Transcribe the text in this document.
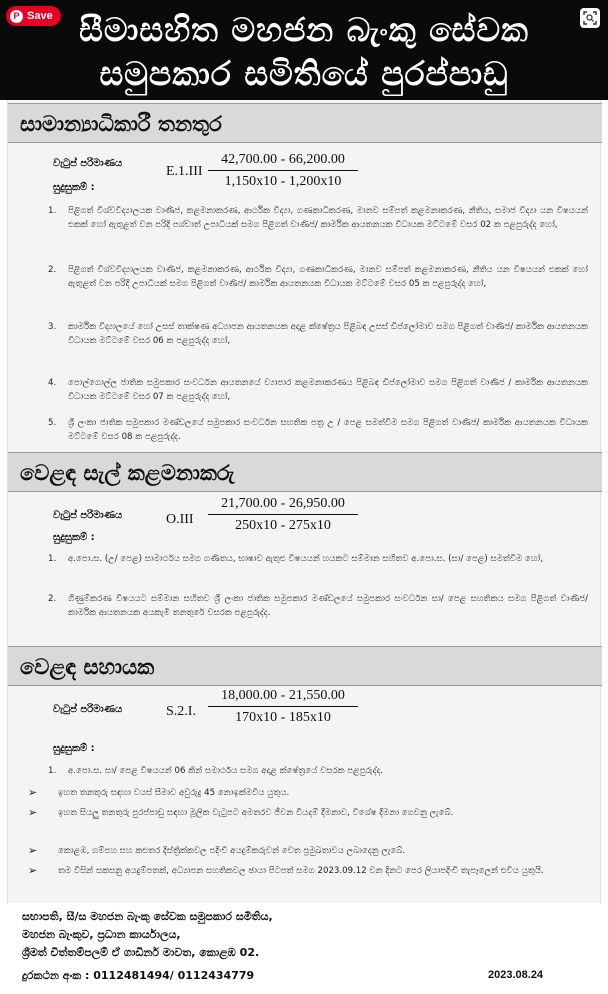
P Save සීමාසහිත මහජන බැංකු සේවක
සමුපකාර සමිතියේ පුරප්පාඩු
සාමාන්‍යාධිකාරී තනතුර
වැටුප් පරිමාණය
$E.1.III \frac{42,700.00 - 66,200.00}{1,150x10 - 1,200x10}$
සුදුසුකම් :
1.	පිළිගත් විශ්වවිද්‍යාලයක වාණිජ, කළමනාකරණ, ආර්ථික විද්‍යා, ගණකාධිකරණ, මානව සම්පත් කළමනාකරණ, නීතිය, සමාජ විද්‍යා යන විෂයයන් එකක් හෝ ඇතුළත් වන පරිදි පශ්චාත් උපාධියක් සමග පිළිගත් වාණිජ/ කාර්මික ආයතනයක විධායක මට්ටමේ වසර 02 ක පළපුරුද්ද හෝ,
2.	පිළිගත් විශ්වවිද්‍යාලයක වාණිජ, කළමනාකරණ, ආර්ථික විද්‍යා, ගණකාධිකරණ, මානව සම්පත් කළමනාකරණ, නීතිය යන විෂයයන් එකක් හෝ ඇතුළත් වන පරිදි උපාධියක් සමග පිළිගත් වාණිජ/ කාර්මික ආයතනයක විධායක මට්ටමේ වසර 05 ක පළපුරුද්ද හෝ,
3.	කාර්මික විද්‍යාලයේ හෝ උසස් තාක්ෂණ අධ්‍යාපන ආයතනයක අදාළ ක්ෂේත්‍රය පිළිබඳ උසස් ඩිප්ලෝමාව සමග පිළිගත් වාණිජ/ කාර්මික ආයතනයක විධායක මට්ටමේ වසර 06 ක පළපුරුද්ද හෝ,
4.	පොල්ගොල්ල ජාතික සමුපකාර සංවර්ධන ආයතනයේ ව්‍යාපාර කළමනාකරණය පිළිබඳ ඩිප්ලෝමාව සමග පිළිගත් වාණිජ / කාර්මික ආයතනයක විධායක මට්ටමේ වසර 07 ක පළපුරුද්ද හෝ,
5.	ශ්‍රී ලංකා ජාතික සමුපකාර මණ්ඩලයේ සමුපකාර සංවර්ධන සහතික පත්‍ර උ / පෙළ සමත්වීම සමග පිළිගත් වාණිජ/ කාර්මික ආයතනයක විධායක මට්ටමේ වසර 08 ක පළපුරුද්ද.
වෙළඳ සැල් කළමනාකරු
වැටුප් පරිමාණය	$O.III \frac{21,700.00 - 26,950.00}{250x10 - 275x10}$
සුදුසුකම් :
1.	අ.පො.ස. (උ/ පෙළ) සාමාර්ථය සමග ගණිතය, භාෂාව ඇතුළු විෂයයන් හයකට සම්මාන සහිතව අ.පො.ස. (සා/ පෙළ) සමත්වීම හෝ,
2.	ගිණුම්කරණ විෂයයට සම්මාන සහිතව ශ්‍රී ලංකා ජාතික සමුපකාර මණ්ඩලයේ සමුපකාර සංවර්ධන සා/ පෙළ සහතිකය සමග පිළිගත් වාණිජ/ කාර්මික ආයතනයක අයකැමි තනතුරේ වසරක පළපුරුද්ද.
වෙළඳ සහායක
වැටුප් පරිමාණය	S.2.I. $\frac{18,000.00 - 21,550.00}{170x10 - 185x10}$
සුදුසුකම් :
1.	අ.පො.ස. සා/ පෙළ විෂයයන් 06 කින් සමාර්ථය සමග අදාළ ක්ෂේත්‍රයේ වසරක පළපුරුද්ද.
➢ ඉහත තනතුරු සඳහා වයස් සීමාව අවුරුදු 45 නොඉක්මවිය යුතුය.
➢ ඉහත සියලු තනතුරු පුරප්පාඩු සඳහා මූලික වැටුපට අමතරව ජීවන වියදම් දීමනාව, විශේෂ දීමනා ගෙවනු ලැබේ.
➢ කොළඹ, ගම්පහ සහ කළුතර දිස්ත්‍රික්කවල පදිංචි අයදුම්කරුවන් වෙත ප්‍රමුඛතාවය ලබාදෙනු ලැබේ.
➢ තම විසින් සකසනු අයදුම්පතක්, අධ්‍යාපන සහතිකවල ඡායා පිටපත් සමග 2023.09.12 වන දිනට පෙර ලියාපදිංචි තැපෑලෙන් එවිය යුතුයි.
සභාපති, සී/ස මහජන බැංකු සේවක සමුපකාර සමිතිය,
මහජන බැංකුව, ප්‍රධාන කාර්යාලය,
ශ්‍රීමත් චිත්තම්පලම් ඒ ගාඩිනර් මාවත, කොළඹ 02.
දුරකථන අංක : 0112481494/ 0112434779	2023.08.24
